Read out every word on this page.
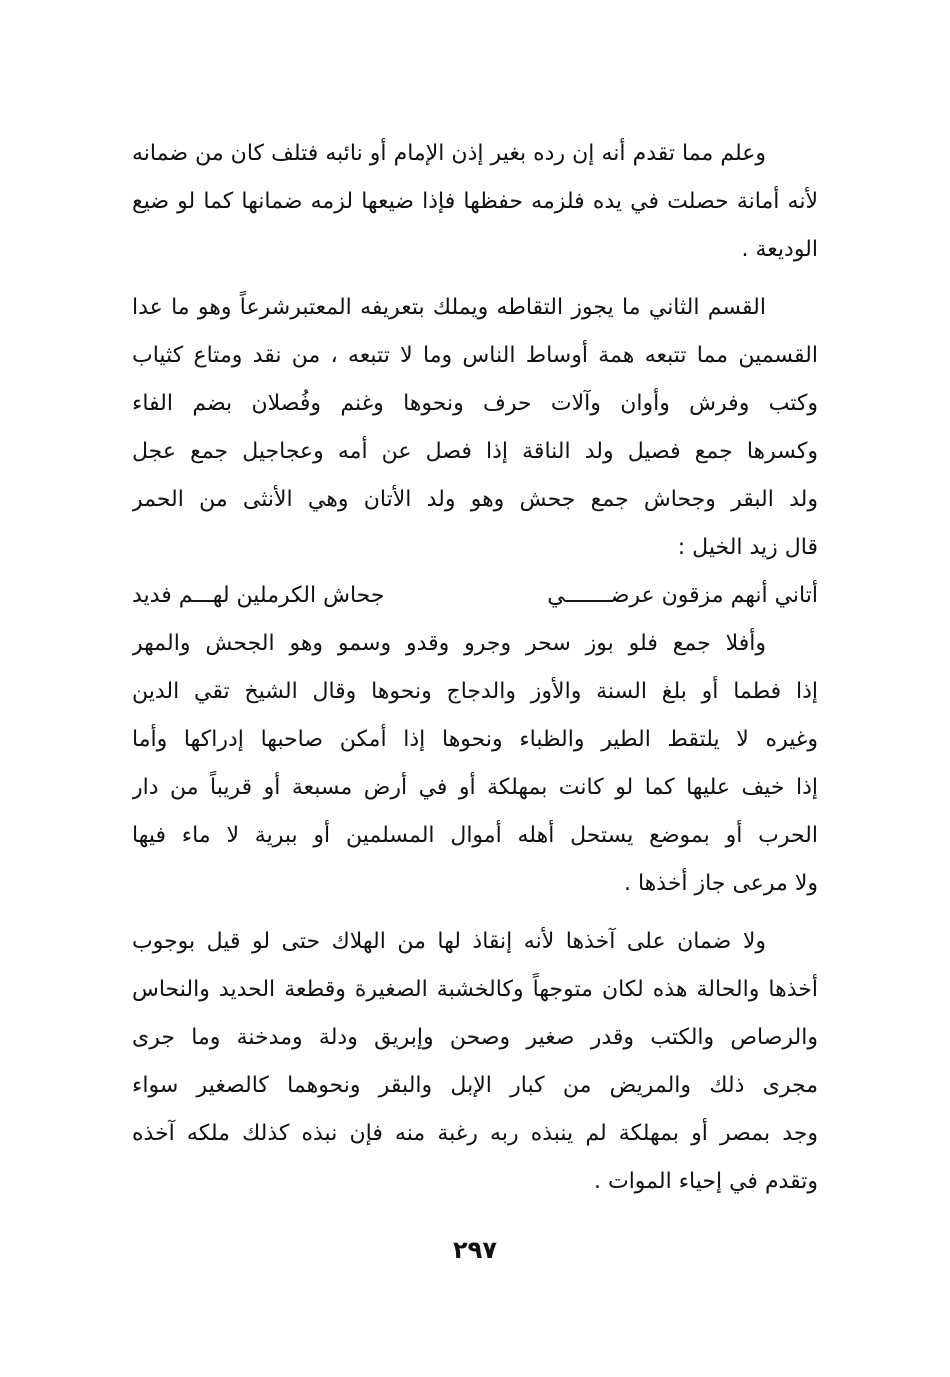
وعلم مما تقدم أنه إن رده بغير إذن الإمام أو نائبه فتلف كان من ضمانه
لأنه أمانة حصلت في يده فلزمه حفظها فإذا ضيعها لزمه ضمانها كما لو ضيع
الوديعة .
القسم الثاني ما يجوز التقاطه ويملك بتعريفه المعتبرشرعاً وهو ما عدا
القسمين مما تتبعه همة أوساط الناس وما لا تتبعه ، من نقد ومتاع كثياب
وكتب وفرش وأوان وآلات حرف ونحوها وغنم وفُصلان بضم الفاء
وكسرها جمع فصيل ولد الناقة إذا فصل عن أمه وعجاجيل جمع عجل
ولد البقر وجحاش جمع جحش وهو ولد الأتان وهي الأنثى من الحمر
قال زيد الخيل :
أتاني أنهم مزقون عرضـــــــي
جحاش الكرملين لهـــم فديد
وأفلا جمع فلو بوز سحر وجرو وقدو وسمو وهو الجحش والمهر
إذا فطما أو بلغ السنة والأوز والدجاج ونحوها وقال الشيخ تقي الدين
وغيره لا يلتقط الطير والظباء ونحوها إذا أمكن صاحبها إدراكها وأما
إذا خيف عليها كما لو كانت بمهلكة أو في أرض مسبعة أو قريباً من دار
الحرب أو بموضع يستحل أهله أموال المسلمين أو ببرية لا ماء فيها
ولا مرعى جاز أخذها .
ولا ضمان على آخذها لأنه إنقاذ لها من الهلاك حتى لو قيل بوجوب
أخذها والحالة هذه لكان متوجهاً وكالخشبة الصغيرة وقطعة الحديد والنحاس
والرصاص والكتب وقدر صغير وصحن وإبريق ودلة ومدخنة وما جرى
مجرى ذلك والمريض من كبار الإبل والبقر ونحوهما كالصغير سواء
وجد بمصر أو بمهلكة لم ينبذه ربه رغبة منه فإن نبذه كذلك ملكه آخذه
وتقدم في إحياء الموات .
٢٩٧
